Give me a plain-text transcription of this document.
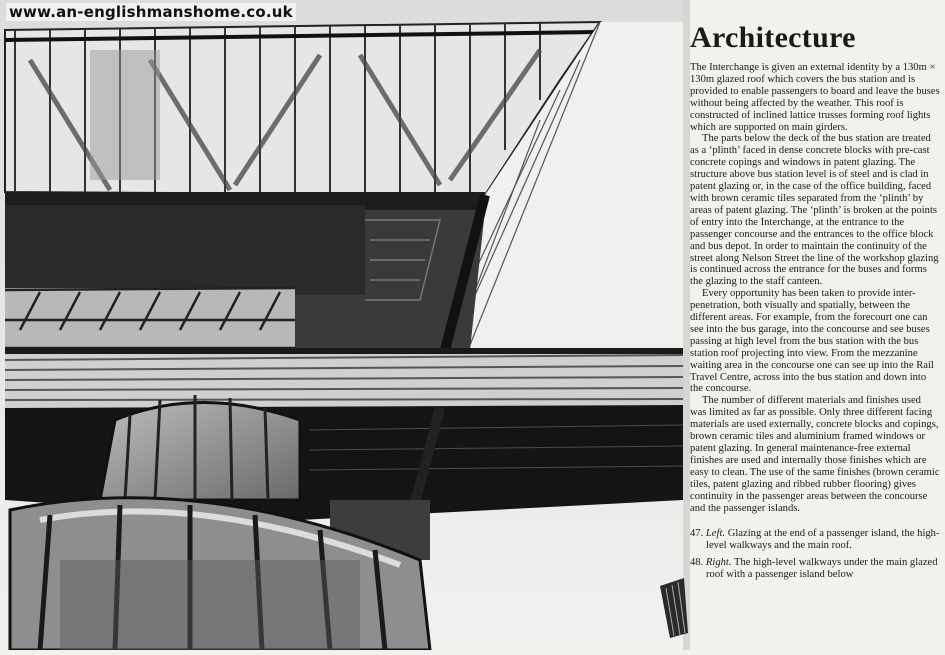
www.an-englishmanshome.co.uk
Architecture

The Interchange is given an external identity by a 130m × 130m glazed roof which covers the bus station and is provided to enable passengers to board and leave the buses without being affected by the weather. This roof is constructed of inclined lattice trusses forming roof lights which are supported on main girders.

The parts below the deck of the bus station are treated as a ‘plinth’ faced in dense concrete blocks with pre-cast concrete copings and windows in patent glazing. The structure above bus station level is of steel and is clad in patent glazing or, in the case of the office building, faced with brown ceramic tiles separated from the ‘plinth’ by areas of patent glazing. The ‘plinth’ is broken at the points of entry into the Interchange, at the entrance to the passenger concourse and the entrances to the office block and bus depot. In order to maintain the continuity of the street along Nelson Street the line of the workshop glazing is continued across the entrance for the buses and forms the glazing to the staff canteen.

Every opportunity has been taken to provide inter-penetration, both visually and spatially, between the different areas. For example, from the forecourt one can see into the bus garage, into the concourse and see buses passing at high level from the bus station with the bus station roof projecting into view. From the mezzanine waiting area in the concourse one can see up into the Rail Travel Centre, across into the bus station and down into the concourse.

The number of different materials and finishes used was limited as far as possible. Only three different facing materials are used externally, concrete blocks and copings, brown ceramic tiles and aluminium framed windows or patent glazing. In general maintenance-free external finishes are used and internally those finishes which are easy to clean. The use of the same finishes (brown ceramic tiles, patent glazing and ribbed rubber flooring) gives continuity in the passenger areas between the concourse and the passenger islands.

47. Left. Glazing at the end of a passenger island, the high-level walkways and the main roof.

48. Right. The high-level walkways under the main glazed roof with a passenger island below
